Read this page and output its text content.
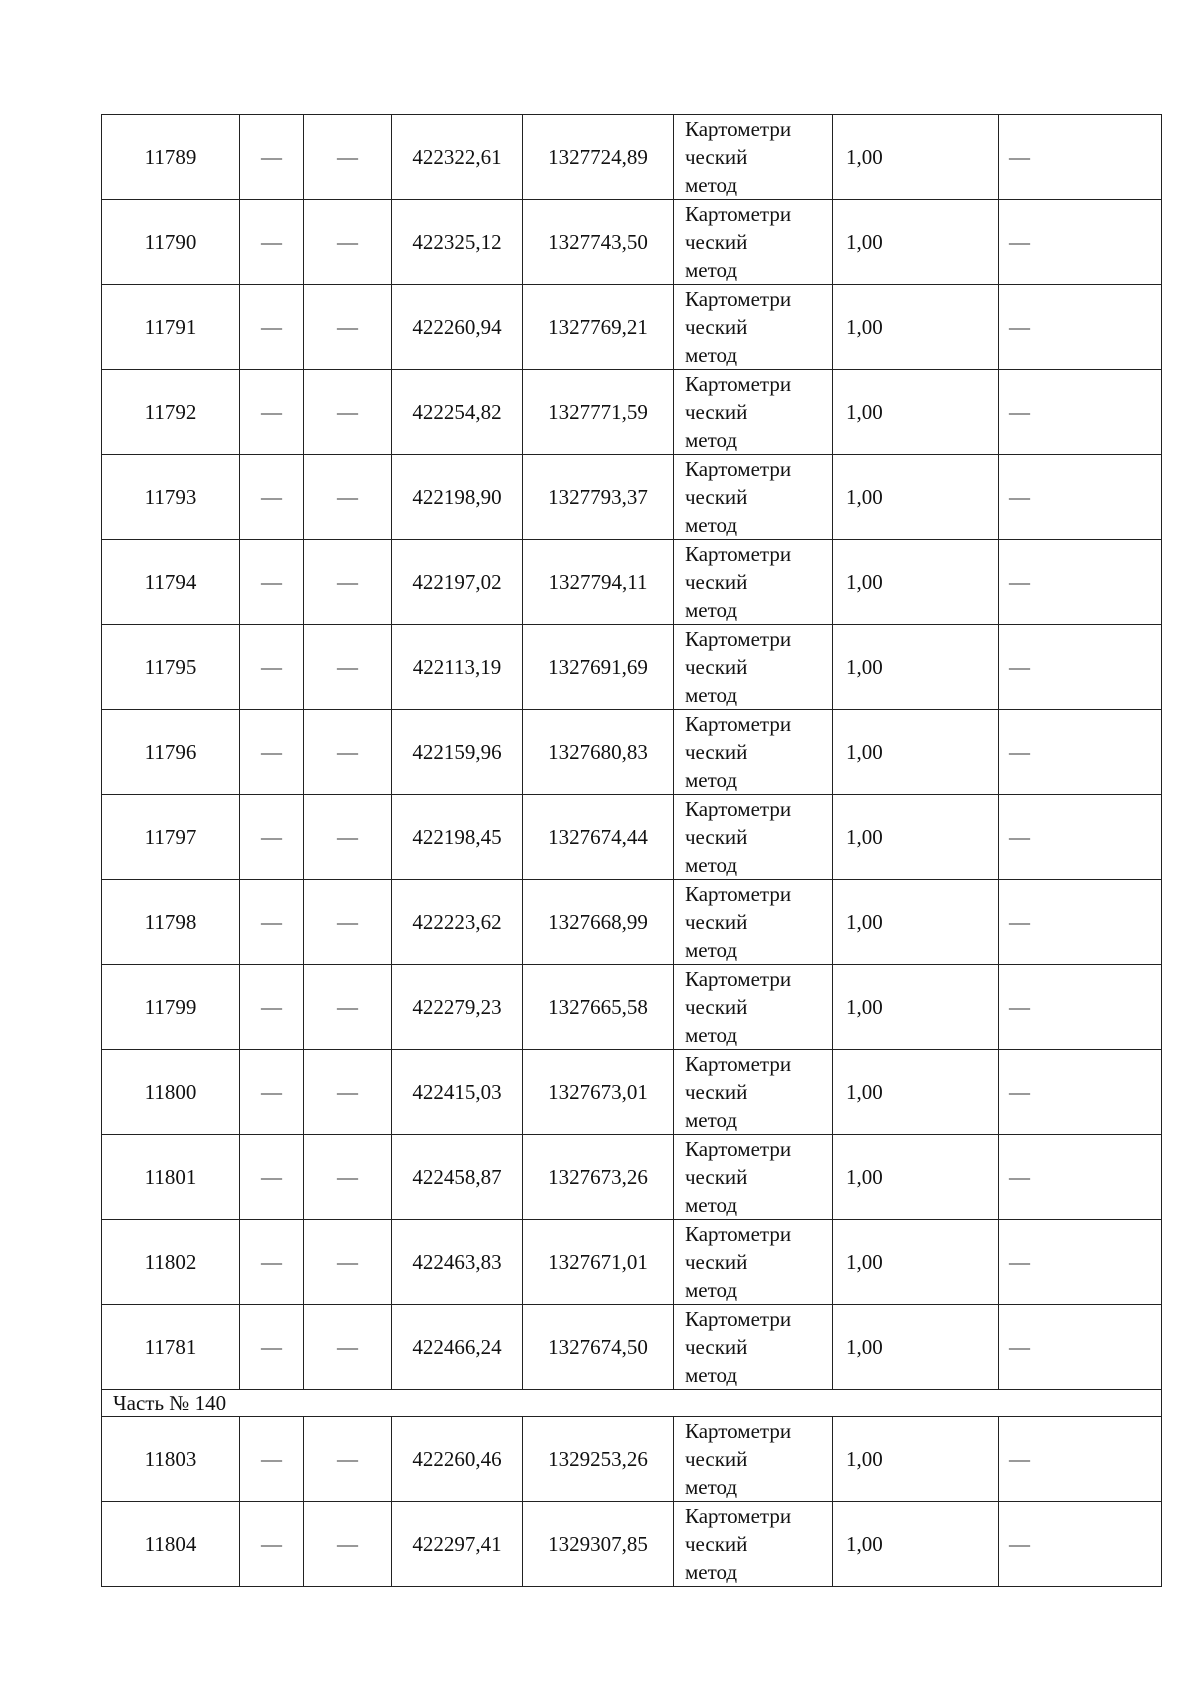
11789	—	—	422322,61	1327724,89	Картометри
ческий
метод	1,00	—
11790	—	—	422325,12	1327743,50	Картометри
ческий
метод	1,00	—
11791	—	—	422260,94	1327769,21	Картометри
ческий
метод	1,00	—
11792	—	—	422254,82	1327771,59	Картометри
ческий
метод	1,00	—
11793	—	—	422198,90	1327793,37	Картометри
ческий
метод	1,00	—
11794	—	—	422197,02	1327794,11	Картометри
ческий
метод	1,00	—
11795	—	—	422113,19	1327691,69	Картометри
ческий
метод	1,00	—
11796	—	—	422159,96	1327680,83	Картометри
ческий
метод	1,00	—
11797	—	—	422198,45	1327674,44	Картометри
ческий
метод	1,00	—
11798	—	—	422223,62	1327668,99	Картометри
ческий
метод	1,00	—
11799	—	—	422279,23	1327665,58	Картометри
ческий
метод	1,00	—
11800	—	—	422415,03	1327673,01	Картометри
ческий
метод	1,00	—
11801	—	—	422458,87	1327673,26	Картометри
ческий
метод	1,00	—
11802	—	—	422463,83	1327671,01	Картометри
ческий
метод	1,00	—
11781	—	—	422466,24	1327674,50	Картометри
ческий
метод	1,00	—
Часть № 140							
11803	—	—	422260,46	1329253,26	Картометри
ческий
метод	1,00	—
11804	—	—	422297,41	1329307,85	Картометри
ческий
метод	1,00	—
